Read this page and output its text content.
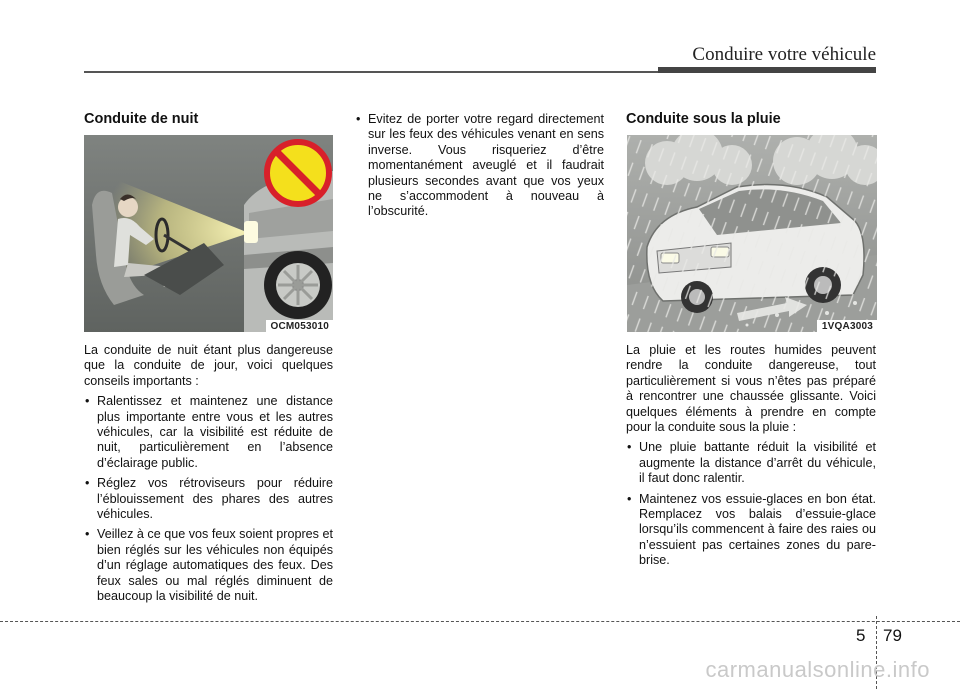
Conduire votre véhicule
Conduite de nuit
OCM053010

La conduite de nuit étant plus dangereuse que la conduite de jour, voici quelques conseils importants :

• Ralentissez et maintenez une distance plus importante entre vous et les autres véhicules, car la visibilité est réduite de nuit, particulièrement en l’absence d’éclairage public.
• Réglez vos rétroviseurs pour réduire l’éblouissement des phares des autres véhicules.
• Veillez à ce que vos feux soient propres et bien réglés sur les véhicules non équipés d’un réglage automatiques des feux. Des feux sales ou mal réglés diminuent de beaucoup la visibilité de nuit.
• Evitez de porter votre regard directement sur les feux des véhicules venant en sens inverse. Vous risqueriez d’être momentanément aveuglé et il faudrait plusieurs secondes avant que vos yeux ne s’accommodent à nouveau à l’obscurité.
Conduite sous la pluie
1VQA3003

La pluie et les routes humides peuvent rendre la conduite dangereuse, tout particulièrement si vous n’êtes pas préparé à rencontrer une chaussée glissante. Voici quelques éléments à prendre en compte pour la conduite sous la pluie :

• Une pluie battante réduit la visibilité et augmente la distance d’arrêt du véhicule, il faut donc ralentir.
• Maintenez vos essuie-glaces en bon état. Remplacez vos balais d’essuie-glace lorsqu’ils commencent à faire des raies ou n’essuient pas certaines zones du pare-brise.
5 79
carmanualsonline.info
